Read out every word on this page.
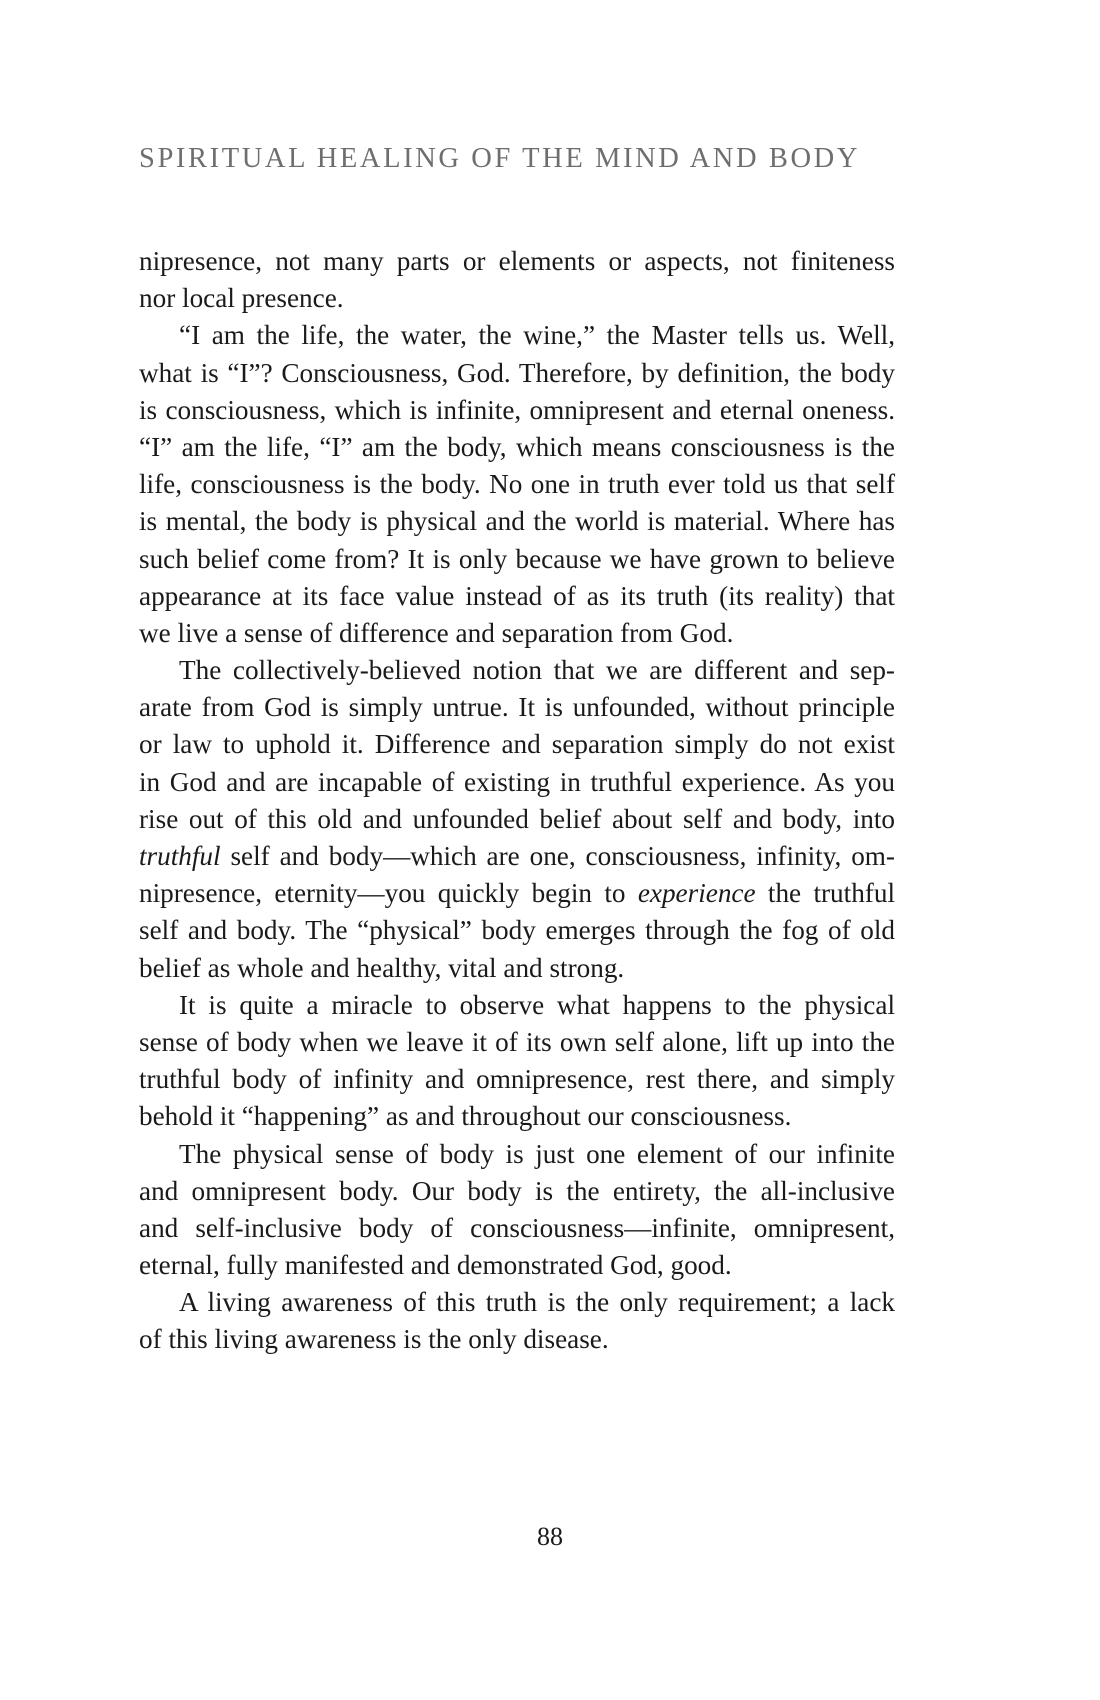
SPIRITUAL HEALING OF THE MIND AND BODY
nipresence, not many parts or elements or aspects, not finiteness
nor local presence.
“I am the life, the water, the wine,” the Master tells us. Well,
what is “I”? Consciousness, God. Therefore, by definition, the body
is consciousness, which is infinite, omnipresent and eternal oneness.
“I” am the life, “I” am the body, which means consciousness is the
life, consciousness is the body. No one in truth ever told us that self
is mental, the body is physical and the world is material. Where has
such belief come from? It is only because we have grown to believe
appearance at its face value instead of as its truth (its reality) that
we live a sense of difference and separation from God.
The collectively-believed notion that we are different and sep-
arate from God is simply untrue. It is unfounded, without principle
or law to uphold it. Difference and separation simply do not exist
in God and are incapable of existing in truthful experience. As you
rise out of this old and unfounded belief about self and body, into
truthful self and body—which are one, consciousness, infinity, om-
nipresence, eternity—you quickly begin to experience the truthful
self and body. The “physical” body emerges through the fog of old
belief as whole and healthy, vital and strong.
It is quite a miracle to observe what happens to the physical
sense of body when we leave it of its own self alone, lift up into the
truthful body of infinity and omnipresence, rest there, and simply
behold it “happening” as and throughout our consciousness.
The physical sense of body is just one element of our infinite
and omnipresent body. Our body is the entirety, the all-inclusive
and self-inclusive body of consciousness—infinite, omnipresent,
eternal, fully manifested and demonstrated God, good.
A living awareness of this truth is the only requirement; a lack
of this living awareness is the only disease.
88
